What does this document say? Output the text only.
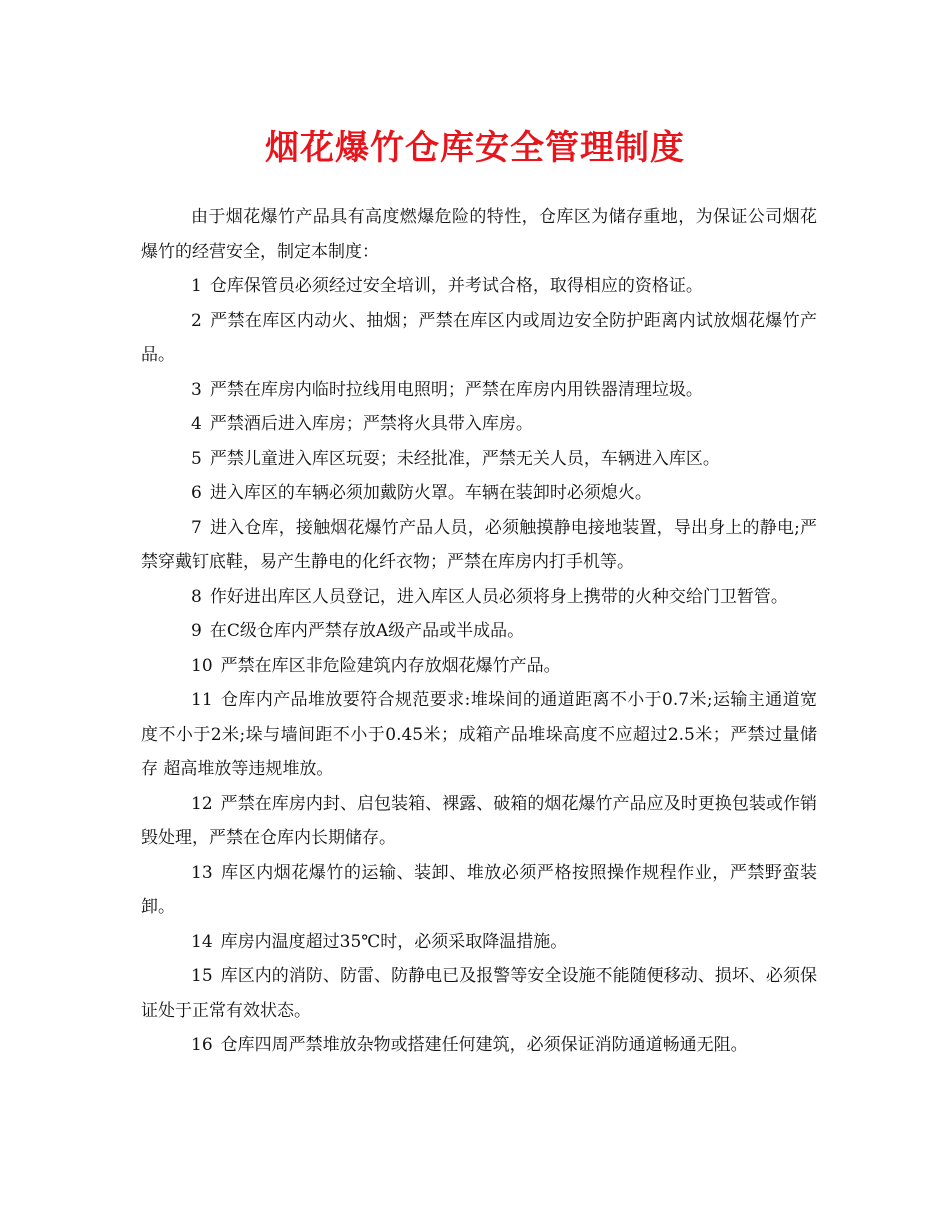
烟花爆竹仓库安全管理制度

由于烟花爆竹产品具有高度燃爆危险的特性，仓库区为储存重地，为保证公司烟花爆竹的经营安全，制定本制度：

1 仓库保管员必须经过安全培训，并考试合格，取得相应的资格证。

2 严禁在库区内动火、抽烟；严禁在库区内或周边安全防护距离内试放烟花爆竹产品。

3 严禁在库房内临时拉线用电照明；严禁在库房内用铁器清理垃圾。

4 严禁酒后进入库房；严禁将火具带入库房。

5 严禁儿童进入库区玩耍；未经批准，严禁无关人员，车辆进入库区。

6 进入库区的车辆必须加戴防火罩。车辆在装卸时必须熄火。

7 进入仓库，接触烟花爆竹产品人员，必须触摸静电接地装置，导出身上的静电;严禁穿戴钉底鞋，易产生静电的化纤衣物；严禁在库房内打手机等。

8 作好进出库区人员登记，进入库区人员必须将身上携带的火种交给门卫暂管。

9 在C级仓库内严禁存放A级产品或半成品。

10 严禁在库区非危险建筑内存放烟花爆竹产品。

11 仓库内产品堆放要符合规范要求:堆垛间的通道距离不小于0.7米;运输主通道宽度不小于2米;垛与墙间距不小于0.45米；成箱产品堆垛高度不应超过2.5米；严禁过量储存 超高堆放等违规堆放。

12 严禁在库房内封、启包装箱、裸露、破箱的烟花爆竹产品应及时更换包装或作销毁处理，严禁在仓库内长期储存。

13 库区内烟花爆竹的运输、装卸、堆放必须严格按照操作规程作业，严禁野蛮装卸。

14 库房内温度超过35℃时，必须采取降温措施。

15 库区内的消防、防雷、防静电已及报警等安全设施不能随便移动、损坏、必须保证处于正常有效状态。

16 仓库四周严禁堆放杂物或搭建任何建筑，必须保证消防通道畅通无阻。
